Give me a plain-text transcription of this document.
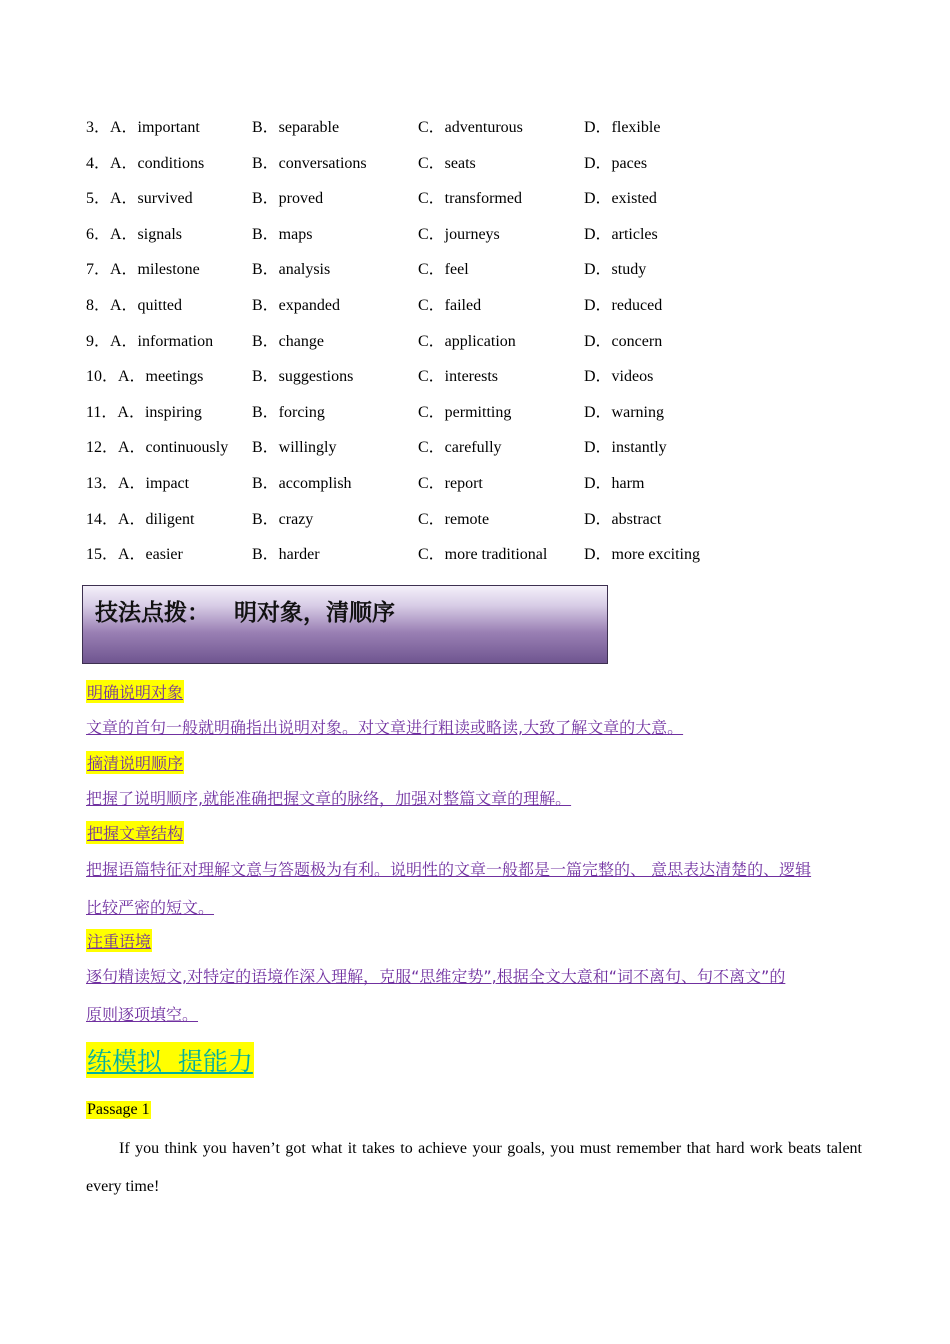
3．A．important	B．separable	C．adventurous	D．flexible
4．A．conditions	B．conversations	C．seats	D．paces
5．A．survived	B．proved	C．transformed	D．existed
6．A．signals	B．maps	C．journeys	D．articles
7．A．milestone	B．analysis	C．feel	D．study
8．A．quitted	B．expanded	C．failed	D．reduced
9．A．information B．change	C．application	D．concern
10．A．meetings	B．suggestions	C．interests	D．videos
11．A．inspiring	B．forcing	C．permitting	D．warning
12．A．continuously B．willingly	C．carefully	D．instantly
13．A．impact	B．accomplish	C．report	D．harm
14．A．diligent	B．crazy	C．remote	D．abstract
15．A．easier	B．harder	C．more traditional D．more exciting
技法点拨：   明对象，清顺序
明确说明对象
文章的首句一般就明确指出说明对象。对文章进行粗读或略读,大致了解文章的大意。
摘清说明顺序
把握了说明顺序,就能准确把握文章的脉络，加强对整篇文章的理解。
把握文章结构
把握语篇特征对理解文意与答题极为有利。说明性的文章一般都是一篇完整的、 意思表达清楚的、逻辑
比较严密的短文。
注重语境
逐句精读短文,对特定的语境作深入理解，克服“思维定势”,根据全文大意和“词不离句、句不离文”的
原则逐项填空。
练模拟  提能力
Passage 1
If you think you haven’t got what it takes to achieve your goals, you must remember that hard work beats talent every time!
